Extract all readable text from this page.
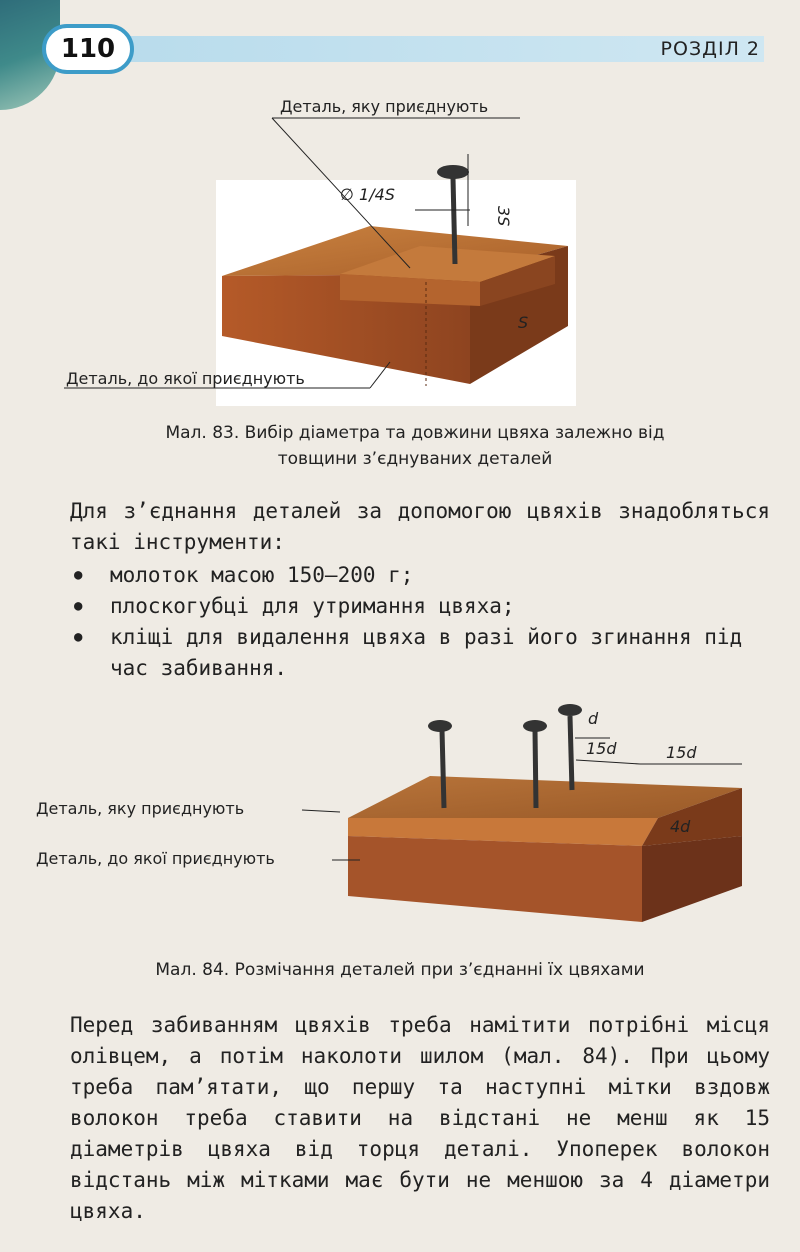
110	РОЗДІЛ 2
Деталь, яку приєднують
∅ 1/4S
3S
S
Деталь, до якої приєднують
Мал. 83. Вибір діаметра та довжини цвяха залежно від товщини з’єднуваних деталей

Для з’єднання деталей за допомогою цвяхів знадобляться такі інструменти:

● молоток масою 150—200 г;
● плоскогубці для утримання цвяха;
● кліщі для видалення цвяха в разі його згинання під час забивання.
d
15d	15d
4d
Деталь, яку приєднують
Деталь, до якої приєднують
Мал. 84. Розмічання деталей при з’єднанні їх цвяхами

Перед забиванням цвяхів треба намітити потрібні місця олівцем, а потім наколоти шилом (мал. 84). При цьому треба пам’ятати, що першу та наступні мітки вздовж волокон треба ставити на відстані не менш як 15 діаметрів цвяха від торця деталі. Упоперек волокон відстань між мітками має бути не меншою за 4 діаметри цвяха.
